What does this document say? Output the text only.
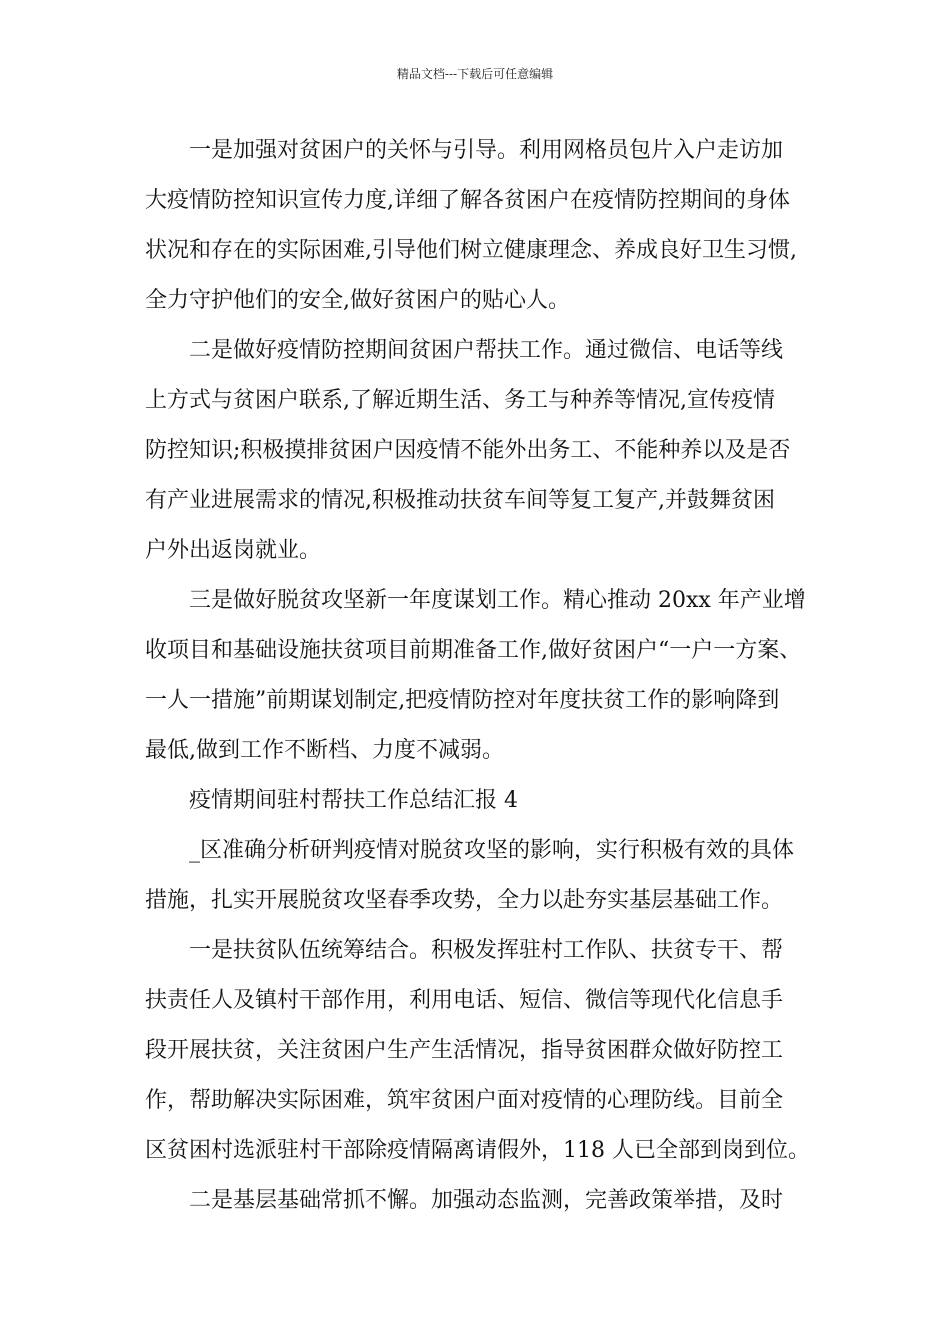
精品文档---下载后可任意编辑

一是加强对贫困户的关怀与引导。利用网格员包片入户走访加
大疫情防控知识宣传力度,详细了解各贫困户在疫情防控期间的身体
状况和存在的实际困难,引导他们树立健康理念、养成良好卫生习惯,
全力守护他们的安全,做好贫困户的贴心人。

二是做好疫情防控期间贫困户帮扶工作。通过微信、电话等线
上方式与贫困户联系,了解近期生活、务工与种养等情况,宣传疫情
防控知识;积极摸排贫困户因疫情不能外出务工、不能种养以及是否
有产业进展需求的情况,积极推动扶贫车间等复工复产,并鼓舞贫困
户外出返岗就业。

三是做好脱贫攻坚新一年度谋划工作。精心推动 20xx 年产业增
收项目和基础设施扶贫项目前期准备工作,做好贫困户“一户一方案、
一人一措施”前期谋划制定,把疫情防控对年度扶贫工作的影响降到
最低,做到工作不断档、力度不减弱。

疫情期间驻村帮扶工作总结汇报 4

_区准确分析研判疫情对脱贫攻坚的影响，实行积极有效的具体
措施，扎实开展脱贫攻坚春季攻势，全力以赴夯实基层基础工作。

一是扶贫队伍统筹结合。积极发挥驻村工作队、扶贫专干、帮
扶责任人及镇村干部作用，利用电话、短信、微信等现代化信息手
段开展扶贫，关注贫困户生产生活情况，指导贫困群众做好防控工
作，帮助解决实际困难，筑牢贫困户面对疫情的心理防线。目前全
区贫困村选派驻村干部除疫情隔离请假外，118 人已全部到岗到位。

二是基层基础常抓不懈。加强动态监测，完善政策举措，及时
